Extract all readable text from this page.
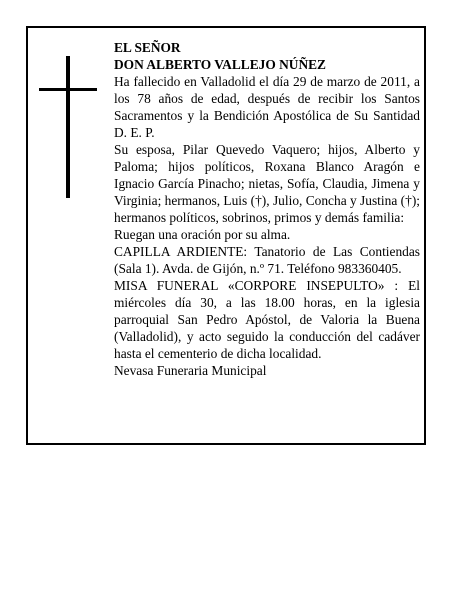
EL SEÑOR

DON ALBERTO VALLEJO NÚÑEZ

Ha fallecido en Valladolid el día 29 de marzo de 2011, a los 78 años de edad, después de recibir los Santos Sacramentos y la Bendición Apostólica de Su Santidad D. E. P.

Su esposa, Pilar Quevedo Vaquero; hijos, Alberto y Paloma; hijos políticos, Roxana Blanco Aragón e Ignacio García Pinacho; nietas, Sofía, Claudia, Jimena y Virginia; hermanos, Luis (†), Julio, Concha y Justina (†); hermanos políticos, sobrinos, primos y demás familia:

Ruegan una oración por su alma.

CAPILLA ARDIENTE: Tanatorio de Las Contiendas (Sala 1). Avda. de Gijón, n.º 71. Teléfono 983360405.

MISA FUNERAL «CORPORE INSEPULTO» : El miércoles día 30, a las 18.00 horas, en la iglesia parroquial San Pedro Apóstol, de Valoria la Buena (Valladolid), y acto seguido la conducción del cadáver hasta el cementerio de dicha localidad.

Nevasa Funeraria Municipal
